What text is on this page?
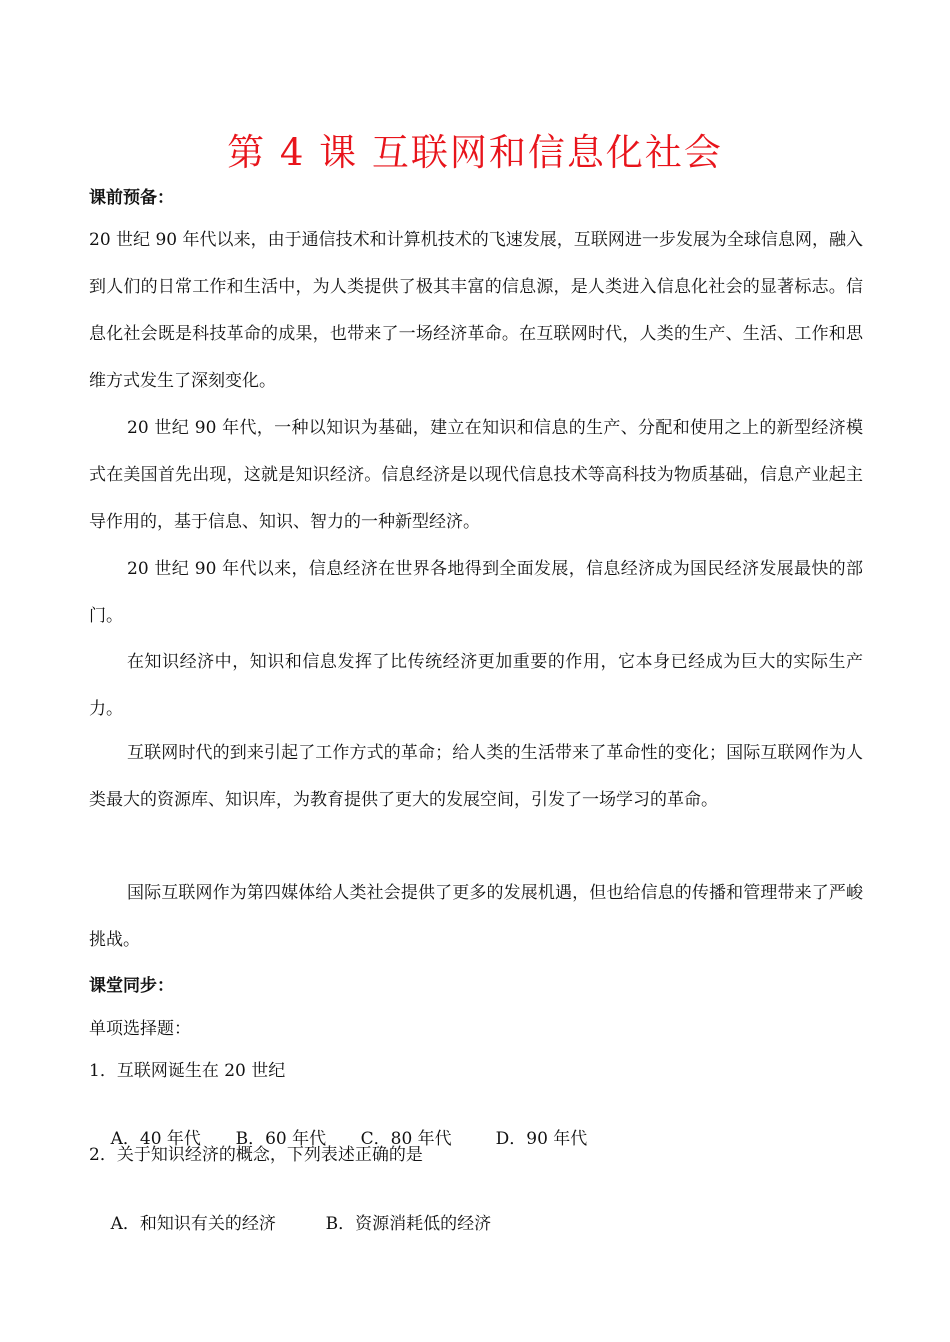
第 4 课 互联网和信息化社会
课前预备：
20 世纪 90 年代以来，由于通信技术和计算机技术的飞速发展，互联网进一步发展为全球信息网，融入到人们的日常工作和生活中，为人类提供了极其丰富的信息源，是人类进入信息化社会的显著标志。信息化社会既是科技革命的成果，也带来了一场经济革命。在互联网时代，人类的生产、生活、工作和思维方式发生了深刻变化。
20 世纪 90 年代，一种以知识为基础，建立在知识和信息的生产、分配和使用之上的新型经济模式在美国首先出现，这就是知识经济。信息经济是以现代信息技术等高科技为物质基础，信息产业起主导作用的，基于信息、知识、智力的一种新型经济。
20 世纪 90 年代以来，信息经济在世界各地得到全面发展，信息经济成为国民经济发展最快的部门。
在知识经济中，知识和信息发挥了比传统经济更加重要的作用，它本身已经成为巨大的实际生产力。
互联网时代的到来引起了工作方式的革命；给人类的生活带来了革命性的变化；国际互联网作为人类最大的资源库、知识库，为教育提供了更大的发展空间，引发了一场学习的革命。
国际互联网作为第四媒体给人类社会提供了更多的发展机遇，但也给信息的传播和管理带来了严峻挑战。
课堂同步：
单项选择题：
1．互联网诞生在 20 世纪

A．40 年代 B．60 年代 C．80 年代	D．90 年代

2．关于知识经济的概念，下列表述正确的是

A．和知识有关的经济	B．资源消耗低的经济
